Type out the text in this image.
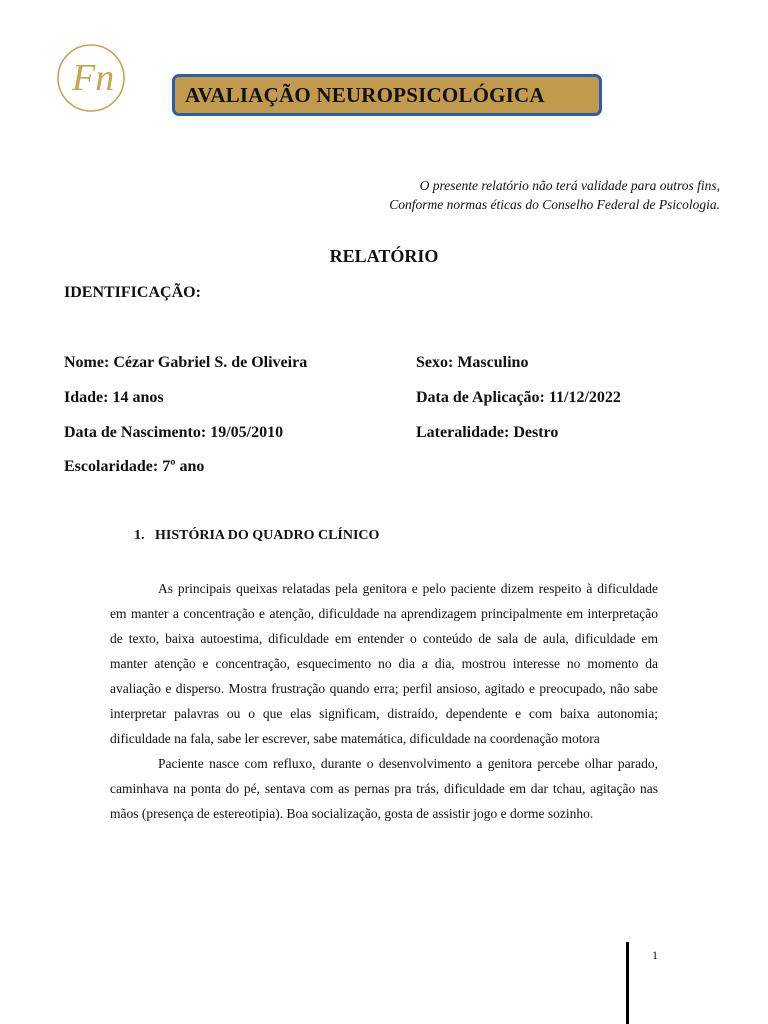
Fn	AVALIAÇÃO NEUROPSICOLÓGICA
O presente relatório não terá validade para outros fins,
Conforme normas éticas do Conselho Federal de Psicologia.
RELATÓRIO
IDENTIFICAÇÃO:
Nome: Cézar Gabriel S. de Oliveira	Sexo: Masculino
Idade: 14 anos	Data de Aplicação: 11/12/2022
Data de Nascimento: 19/05/2010	Lateralidade: Destro
Escolaridade: 7º ano
1.   HISTÓRIA DO QUADRO CLÍNICO

As principais queixas relatadas pela genitora e pelo paciente dizem respeito à dificuldade em manter a concentração e atenção, dificuldade na aprendizagem principalmente em interpretação de texto, baixa autoestima, dificuldade em entender o conteúdo de sala de aula, dificuldade em manter atenção e concentração, esquecimento no dia a dia, mostrou interesse no momento da avaliação e disperso. Mostra frustração quando erra; perfil ansioso, agitado e preocupado, não sabe interpretar palavras ou o que elas significam, distraído, dependente e com baixa autonomia; dificuldade na fala, sabe ler escrever, sabe matemática, dificuldade na coordenação motora

Paciente nasce com refluxo, durante o desenvolvimento a genitora percebe olhar parado, caminhava na ponta do pé, sentava com as pernas pra trás, dificuldade em dar tchau, agitação nas mãos (presença de estereotipia). Boa socialização, gosta de assistir jogo e dorme sozinho.

1
